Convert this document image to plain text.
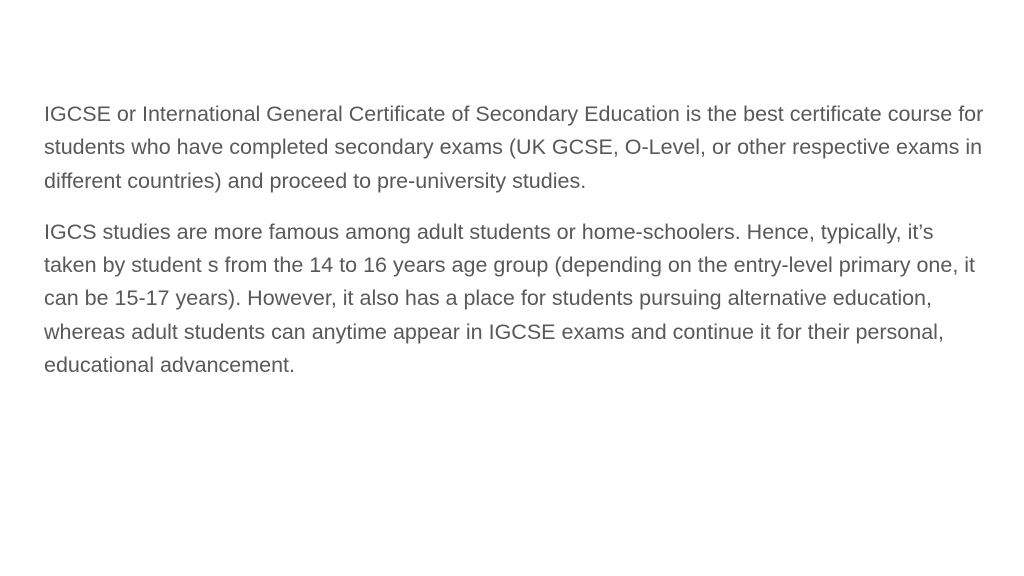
IGCSE or International General Certificate of Secondary Education is the best certificate course for students who have completed secondary exams (UK GCSE, O-Level, or other respective exams in different countries) and proceed to pre-university studies.

IGCS studies are more famous among adult students or home-schoolers. Hence, typically, it’s taken by student s from the 14 to 16 years age group (depending on the entry-level primary one, it can be 15-17 years). However, it also has a place for students pursuing alternative education, whereas adult students can anytime appear in IGCSE exams and continue it for their personal, educational advancement.
